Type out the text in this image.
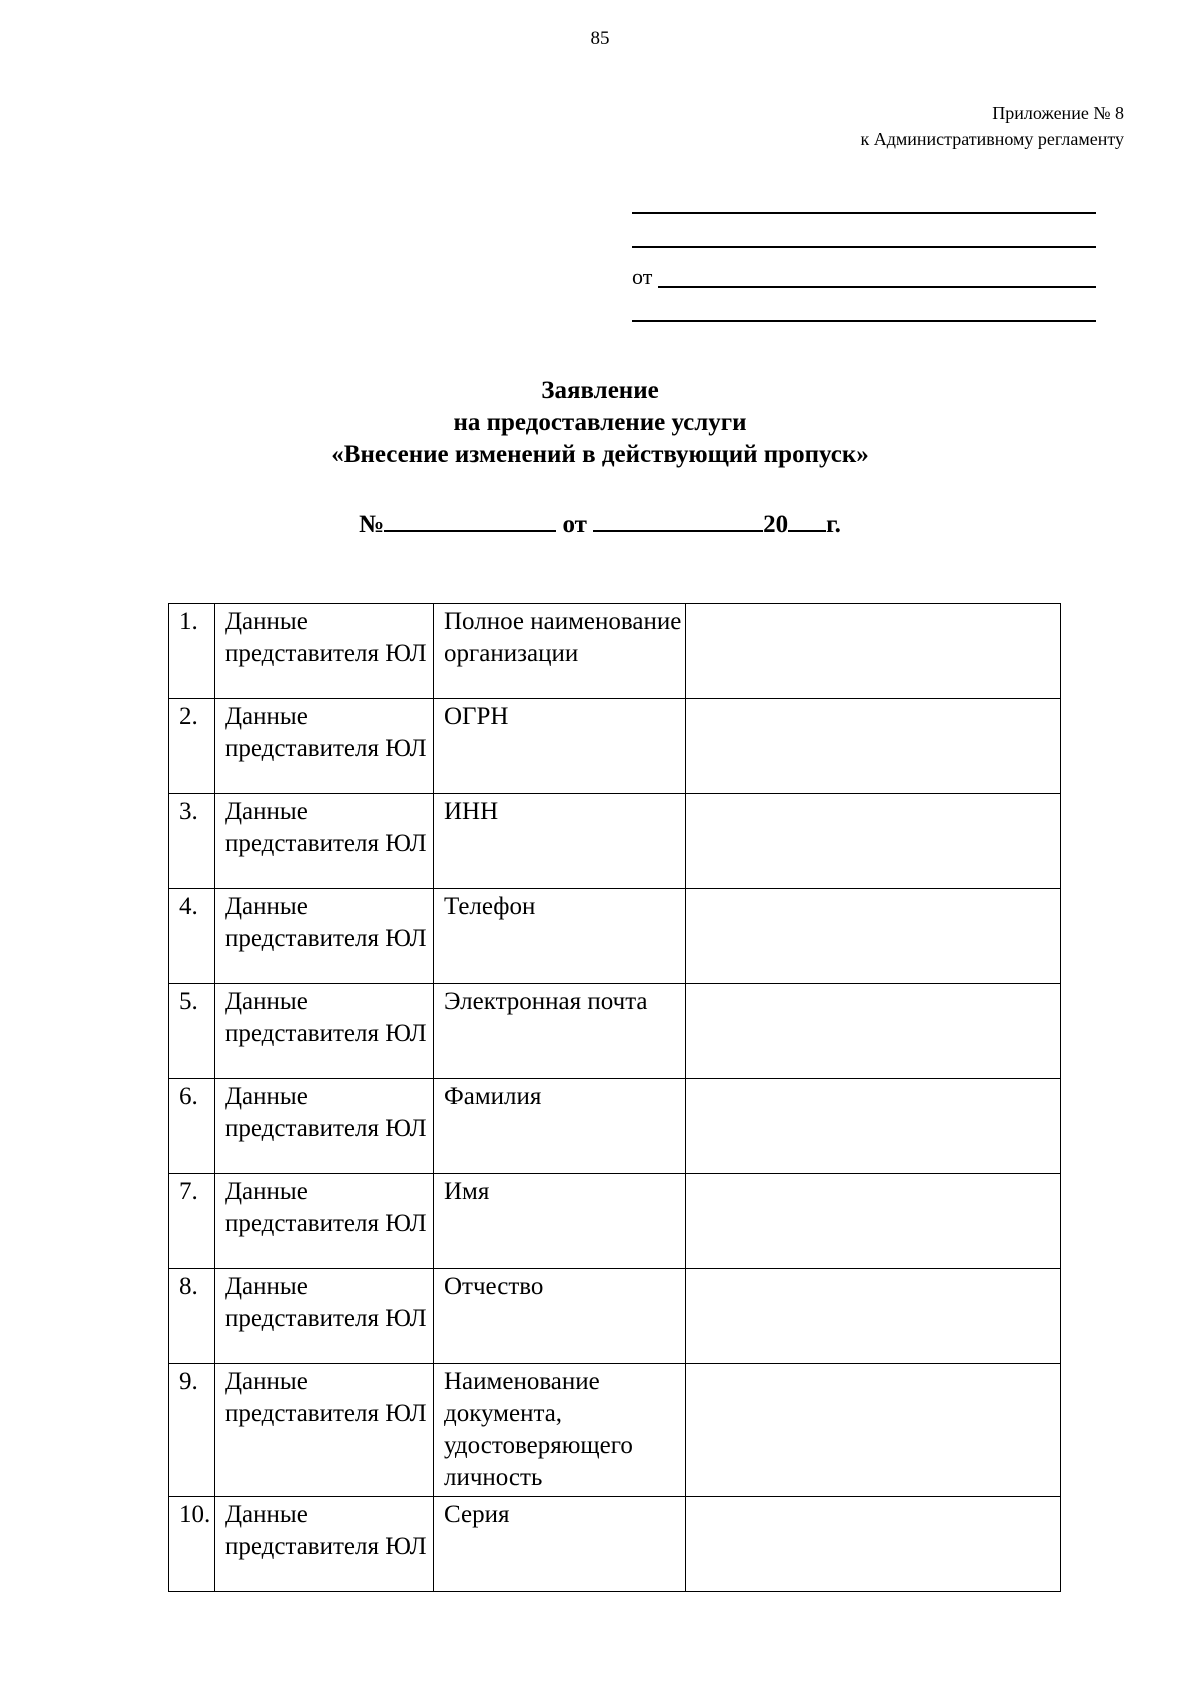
85
Приложение № 8
к Административному регламенту
от
Заявление
на предоставление услуги
«Внесение изменений в действующий пропуск»
№	от	20 г.
1.	Данные представителя ЮЛ	Полное наименование организации	
2.	Данные представителя ЮЛ	ОГРН	
3.	Данные представителя ЮЛ	ИНН	
4.	Данные представителя ЮЛ	Телефон	
5.	Данные представителя ЮЛ	Электронная почта	
6.	Данные представителя ЮЛ	Фамилия	
7.	Данные представителя ЮЛ	Имя	
8.	Данные представителя ЮЛ	Отчество	
9.	Данные представителя ЮЛ	Наименование документа, удостоверяющего личность	
10.	Данные представителя ЮЛ	Серия	
